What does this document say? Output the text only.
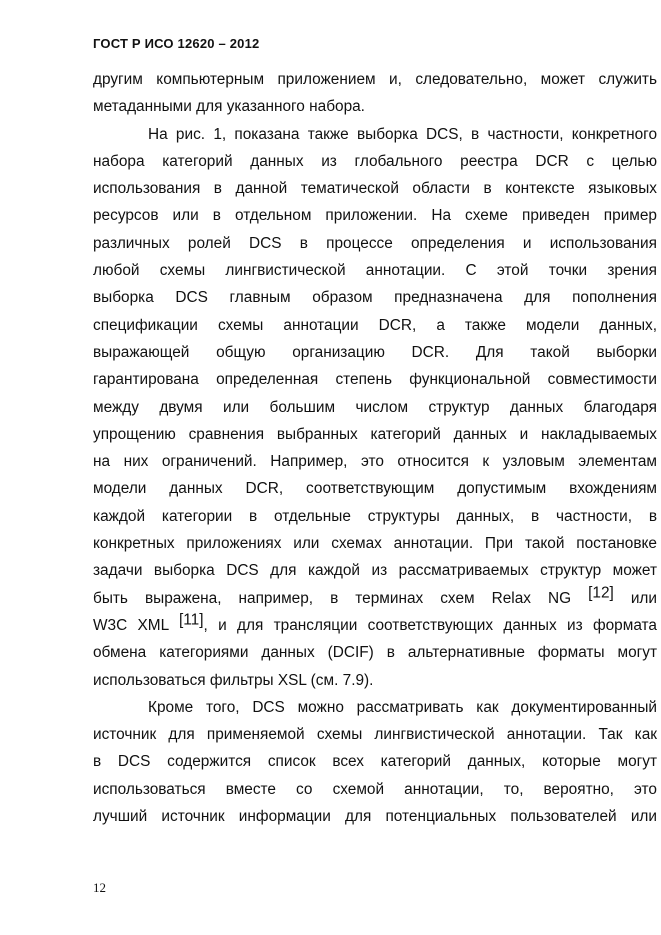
ГОСТ Р ИСО 12620 – 2012
другим компьютерным приложением и, следовательно, может служить
метаданными для указанного набора.
На рис. 1, показана также выборка DCS, в частности, конкретного
набора категорий данных из глобального реестра DCR с целью
использования в данной тематической области в контексте языковых
ресурсов или в отдельном приложении. На схеме приведен пример
различных ролей DCS в процессе определения и использования
любой схемы лингвистической аннотации. С этой точки зрения
выборка DCS главным образом предназначена для пополнения
спецификации схемы аннотации DCR, а также модели данных,
выражающей общую организацию DCR. Для такой выборки
гарантирована определенная степень функциональной совместимости
между двумя или большим числом структур данных благодаря
упрощению сравнения выбранных категорий данных и накладываемых
на них ограничений. Например, это относится к узловым элементам
модели данных DCR, соответствующим допустимым вхождениям
каждой категории в отдельные структуры данных, в частности, в
конкретных приложениях или схемах аннотации. При такой постановке
задачи выборка DCS для каждой из рассматриваемых структур может
быть выражена, например, в терминах схем Relax NG [12] или
W3C XML [11], и для трансляции соответствующих данных из формата
обмена категориями данных (DCIF) в альтернативные форматы могут
использоваться фильтры XSL (см. 7.9).
Кроме того, DCS можно рассматривать как документированный
источник для применяемой схемы лингвистической аннотации. Так как
в DCS содержится список всех категорий данных, которые могут
использоваться вместе со схемой аннотации, то, вероятно, это
лучший источник информации для потенциальных пользователей или
12
